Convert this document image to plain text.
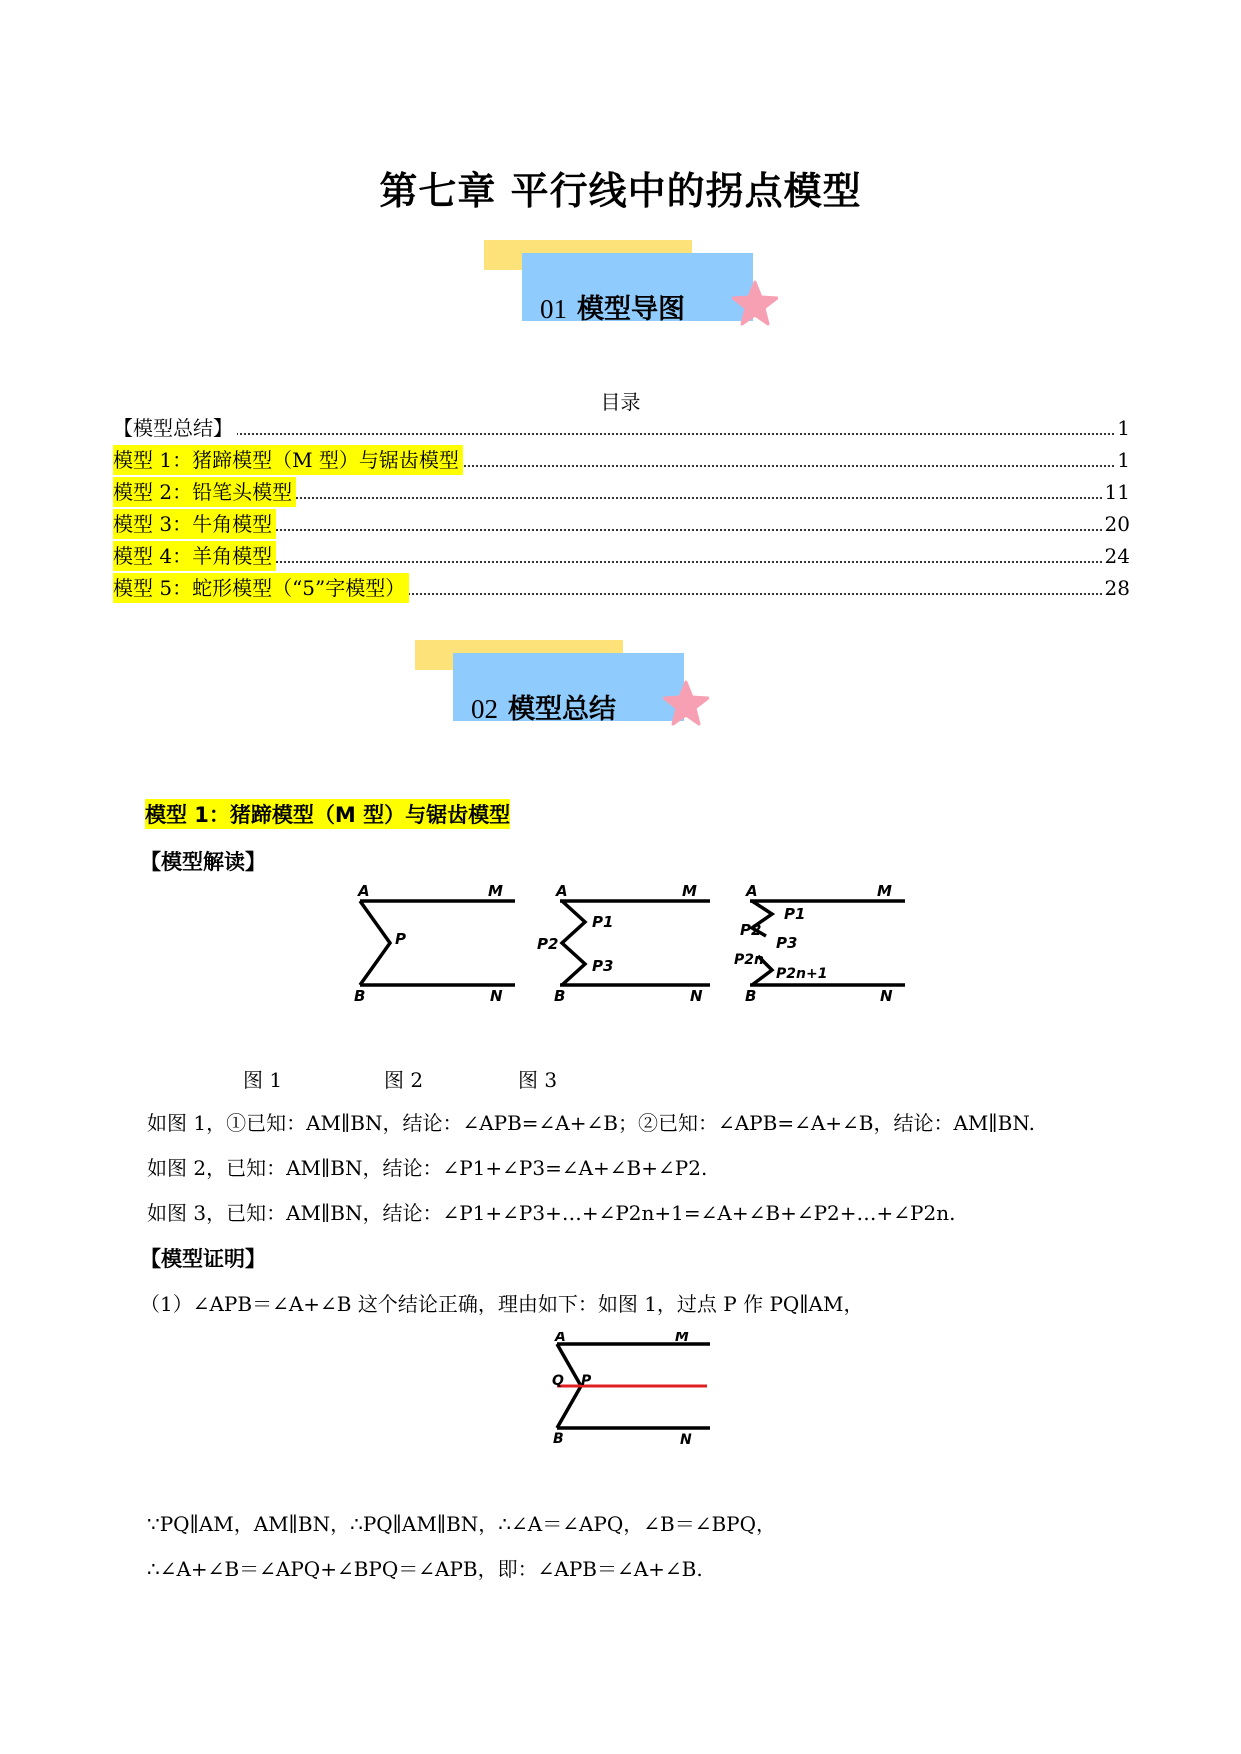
第七章 平行线中的拐点模型
01 模型导图
目录
【模型总结】	1
模型 1：猪蹄模型（M 型）与锯齿模型	1
模型 2：铅笔头模型	11
模型 3：牛角模型	20
模型 4：羊角模型	24
模型 5：蛇形模型（“5”字模型）	28
02 模型总结
模型 1：猪蹄模型（M 型）与锯齿模型
【模型解读】
A	M
P
B	N
A	M
P1
P2
P3
B	N
A	M
P1
P2
P3
P2n
P2n+1
B	N
图 1	图 2	图 3
如图 1，①已知：AM∥BN，结论：∠APB=∠A+∠B；②已知：∠APB=∠A+∠B，结论：AM∥BN.
如图 2，已知：AM∥BN，结论：∠P1+∠P3=∠A+∠B+∠P2.
如图 3，已知：AM∥BN，结论：∠P1+∠P3+…+∠P2n+1=∠A+∠B+∠P2+…+∠P2n.
【模型证明】
（1）∠APB＝∠A+∠B 这个结论正确，理由如下：如图 1，过点 P 作 PQ∥AM，
A	M
Q P
B	N
∵PQ∥AM，AM∥BN，∴PQ∥AM∥BN，∴∠A＝∠APQ，∠B＝∠BPQ，
∴∠A+∠B＝∠APQ+∠BPQ＝∠APB，即：∠APB＝∠A+∠B.
